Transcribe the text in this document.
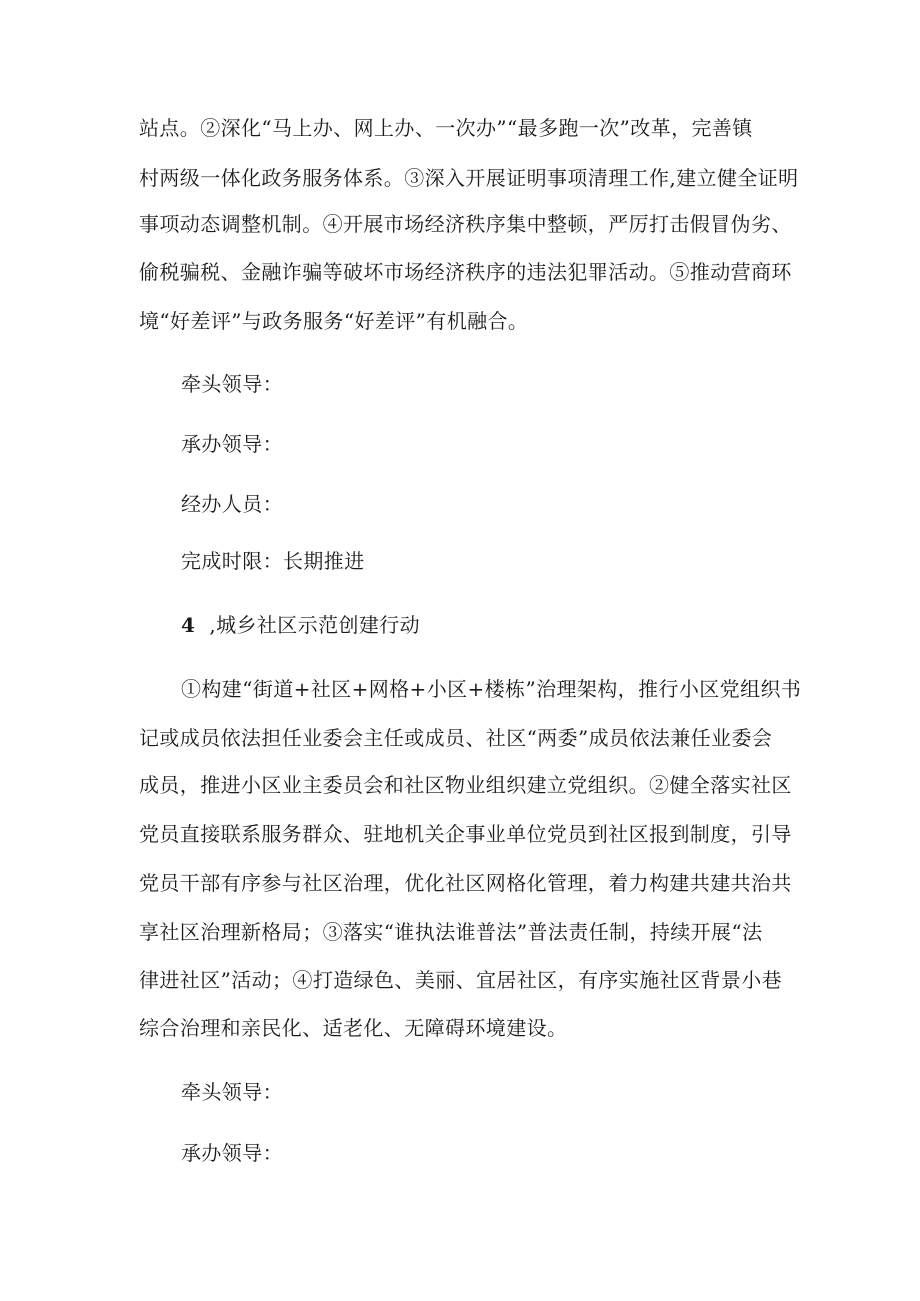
站点。②深化“马上办、网上办、一次办”“最多跑一次”改革，完善镇
村两级一体化政务服务体系。③深入开展证明事项清理工作,建立健全证明
事项动态调整机制。④开展市场经济秩序集中整顿，严厉打击假冒伪劣、
偷税骗税、金融诈骗等破坏市场经济秩序的违法犯罪活动。⑤推动营商环
境“好差评”与政务服务“好差评”有机融合。
牵头领导：
承办领导：
经办人员：
完成时限：长期推进
4 ,城乡社区示范创建行动
①构建“街道+社区+网格+小区+楼栋”治理架构，推行小区党组织书
记或成员依法担任业委会主任或成员、社区“两委”成员依法兼任业委会
成员，推进小区业主委员会和社区物业组织建立党组织。②健全落实社区
党员直接联系服务群众、驻地机关企事业单位党员到社区报到制度，引导
党员干部有序参与社区治理，优化社区网格化管理，着力构建共建共治共
享社区治理新格局；③落实“谁执法谁普法”普法责任制，持续开展“法
律进社区”活动；④打造绿色、美丽、宜居社区，有序实施社区背景小巷
综合治理和亲民化、适老化、无障碍环境建设。
牵头领导：
承办领导：
